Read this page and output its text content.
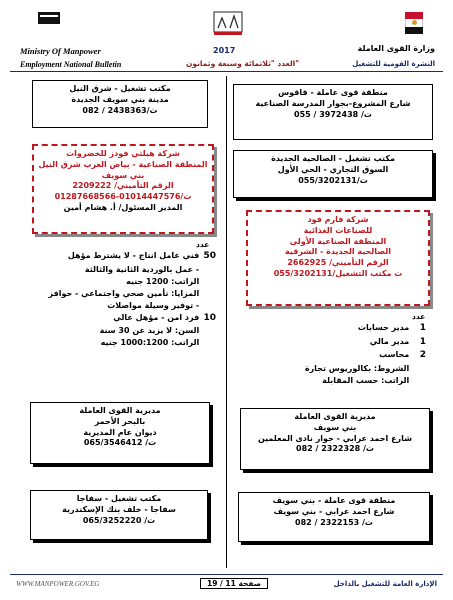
Ministry Of Manpower	2017	وزارة القوى العاملة
Employment National Bulletin	العدد "ثلاثمائة وسبعة وثمانون"	النشرة القومية للتشغيل
منطقة قوى عاملة - قاقوس
شارع المشروع-بجوار المدرسة الصناعية
ت/ 3972438 / 055
مكتب تشغيل - شرق النيل
مدينة بني سويف الجديدة
ت/2438363 / 082
مكتب تشغيل - الصالحية الجديدة
السوق التجاري - الحي الأول
ت/055/3202131
شركة هيلثي فودز للخضروات
المنطقة الصناعية - بياض العرب شرق النيل
بني سويف
الرقم التأميني/ 2209222
ت/01014447576-01287668566
المدير المسئول/ أ. هشام أمين
شركة فارم فود
للصناعات الغذائية
المنطقة الصناعية الأولى
الصالحية الجديدة - الشرقية
الرقم التأميني/ 2662925
ت مكتب التشغيل/055/3202131
عدد
50 فني عامل انتاج - لا يشترط مؤهل
- عمل بالوردية الثانية والثالثة
الراتب: 1200 جنيه
المزايا: تأمين صحي واجتماعي - حوافز
- توفير وسيلة مواصلات
10 فرد امن - مؤهل عالي
السن: لا يزيد عن 30 سنة
الراتب: 1000:1200 جنيه
عدد
1 مدير حسابات
1 مدير مالي
2 محاسب
الشروط: بكالوريوس تجارة
الراتب: حسب المقابلة
مديرية القوى العاملة
بني سويف
شارع احمد عرابي - جوار نادى المعلمين
ت/ 2322328 / 082
مديرية القوى العاملة
بالبحر الأحمر
ديوان عام المديرية
ت/ 065/3546412
منطقة قوى عاملة - بني سويف
شارع احمد عرابي - بني سويف
ت/ 2322153 / 082
مكتب تشغيل - سفاجا
سفاجا - خلف بنك الإسكندرية
ت/ 065/3252220
WWW.MANPOWER.GOV.EG	صفحة 11 / 19	الإدارة العامة للتشغيل بالداخل
